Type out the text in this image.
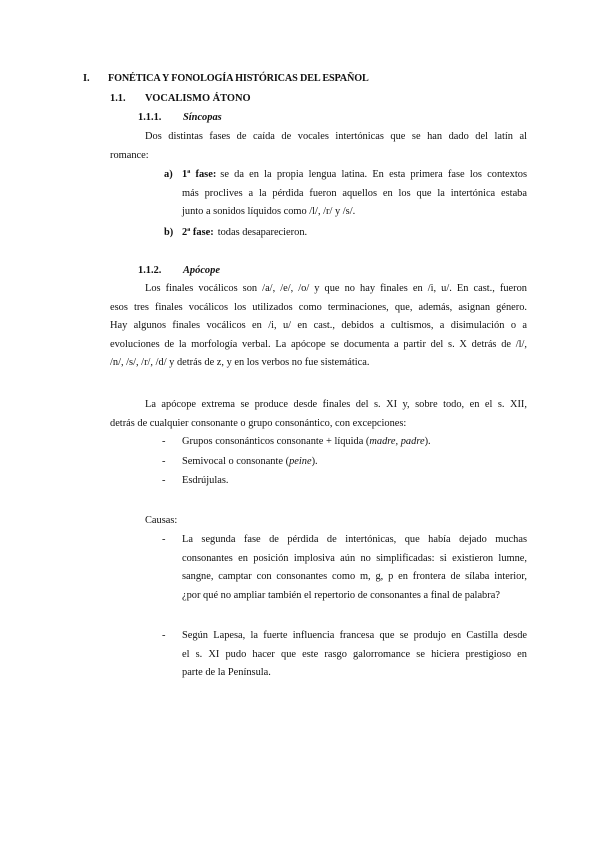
I. FONÉTICA Y FONOLOGÍA HISTÓRICAS DEL ESPAÑOL
1.1. VOCALISMO ÁTONO
1.1.1. Síncopas
Dos distintas fases de caída de vocales intertónicas que se han dado del latín al
romance:
a) 1ª fase: se da en la propia lengua latina. En esta primera fase los contextos
más proclives a la pérdida fueron aquellos en los que la intertónica estaba
junto a sonidos líquidos como /l/, /r/ y /s/.
b) 2ª fase: todas desaparecieron.
1.1.2. Apócope
Los finales vocálicos son /a/, /e/, /o/ y que no hay finales en /i, u/. En cast., fueron
esos tres finales vocálicos los utilizados como terminaciones, que, además, asignan género.
Hay algunos finales vocálicos en /i, u/ en cast., debidos a cultismos, a disimulación o a
evoluciones de la morfología verbal. La apócope se documenta a partir del s. X detrás de /l/,
/n/, /s/, /r/, /d/ y detrás de z, y en los verbos no fue sistemática.
La apócope extrema se produce desde finales del s. XI y, sobre todo, en el s. XII,
detrás de cualquier consonante o grupo consonántico, con excepciones:
- Grupos consonánticos consonante + líquida (madre, padre).
- Semivocal o consonante (peine).
- Esdrújulas.
Causas:
- La segunda fase de pérdida de intertónicas, que había dejado muchas
consonantes en posición implosiva aún no simplificadas: si existieron lumne,
sangne, camptar con consonantes como m, g, p en frontera de sílaba interior,
¿por qué no ampliar también el repertorio de consonantes a final de palabra?
- Según Lapesa, la fuerte influencia francesa que se produjo en Castilla desde
el s. XI pudo hacer que este rasgo galorromance se hiciera prestigioso en
parte de la Península.
